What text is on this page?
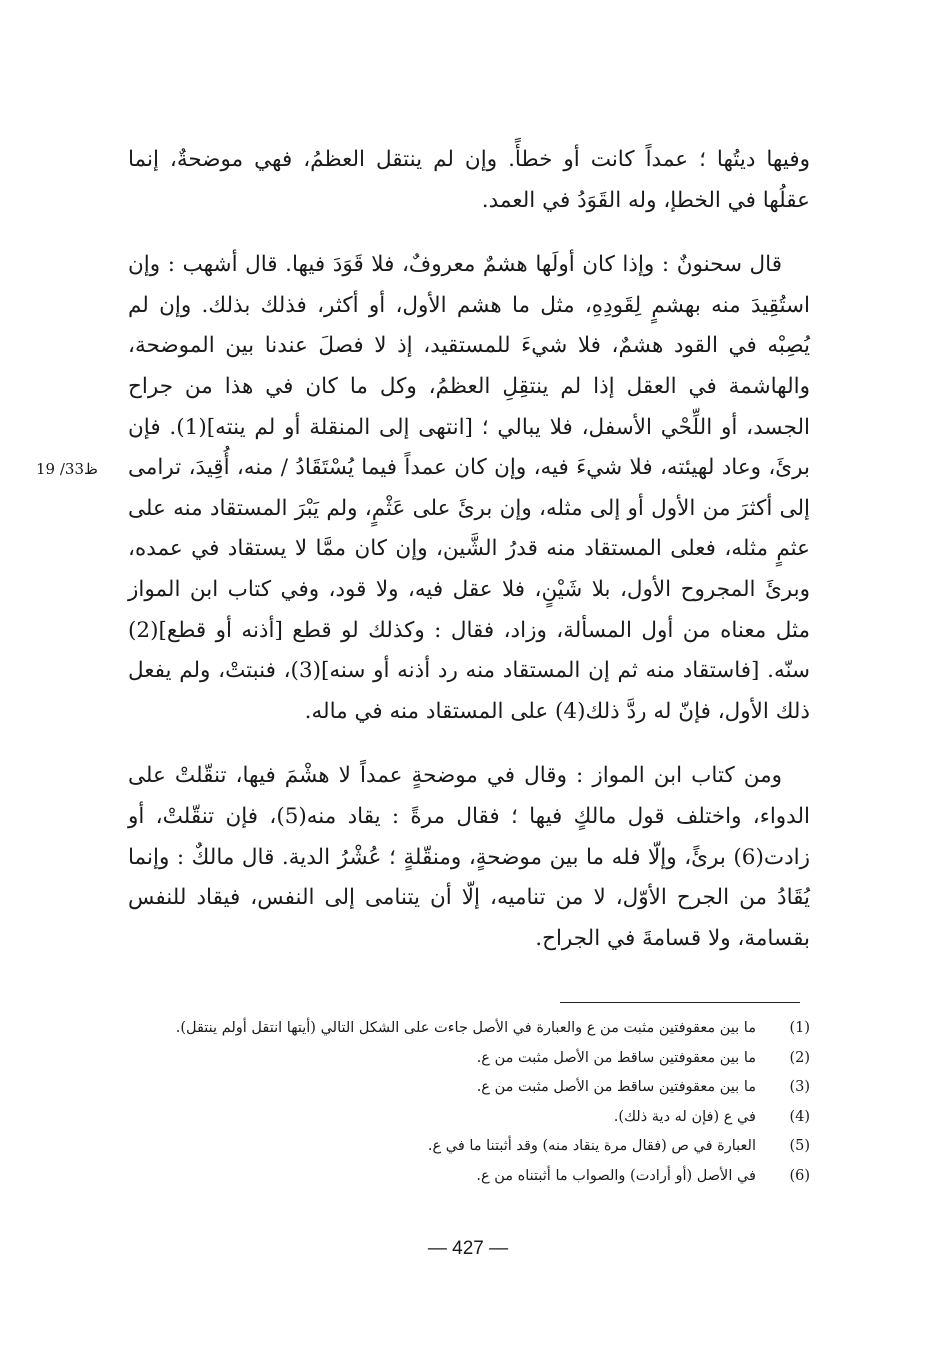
وفيها ديتُها ؛ عمداً كانت أو خطأً. وإن لم ينتقل العظمُ، فهي موضحةٌ، إنما عقلُها في الخطإ، وله القَوَدُ في العمد.

قال سحنونٌ : وإذا كان أولَها هشمٌ معروفٌ، فلا قَوَدَ فيها. قال أشهب : وإن استُقِيدَ منه بهشمٍ لِقَودِهِ، مثل ما هشم الأول، أو أكثر، فذلك بذلك. وإن لم يُصِبْه في القود هشمٌ، فلا شيءَ للمستقيد، إذ لا فصلَ عندنا بين الموضحة، والهاشمة في العقل إذا لم ينتقِلِ العظمُ، وكل ما كان في هذا من جراح الجسد، أو اللِّحْي الأسفل، فلا يبالي ؛ [انتهى إلى المنقلة أو لم ينته](1). فإن برئَ، وعاد لهيئته، فلا شيءَ فيه، وإن كان عمداً فيما يُسْتَقَادُ / منه، أُقِيدَ، ترامى إلى أكثرَ من الأول أو إلى مثله، وإن برئَ على عَثْمٍ، ولم يَبْرَ المستقاد منه على عثمٍ مثله، فعلى المستقاد منه قدرُ الشَّين، وإن كان ممَّا لا يستقاد في عمده، وبرئَ المجروح الأول، بلا شَيْنٍ، فلا عقل فيه، ولا قود، وفي كتاب ابن المواز مثل معناه من أول المسألة، وزاد، فقال : وكذلك لو قطع [أذنه أو قطع](2) سنّه. [فاستقاد منه ثم إن المستقاد منه رد أذنه أو سنه](3)، فنبتتْ، ولم يفعل ذلك الأول، فإنّ له ردَّ ذلك(4) على المستقاد منه في ماله.

ومن كتاب ابن المواز : وقال في موضحةٍ عمداً لا هشْمَ فيها، تنقّلتْ على الدواء، واختلف قول مالكٍ فيها ؛ فقال مرةً : يقاد منه(5)، فإن تنقّلتْ، أو زادت(6) برئً، وإلّا فله ما بين موضحةٍ، ومنقّلةٍ ؛ عُشْرُ الدية. قال مالكٌ : وإنما يُقَادُ من الجرح الأوّل، لا من تناميه، إلّا أن يتنامى إلى النفس، فيقاد للنفس بقسامة، ولا قسامةَ في الجراح.

19 /33ظ
(1)
ما بين معقوفتين مثبت من ع والعبارة في الأصل جاءت على الشكل التالي (أيتها انتقل أولم ينتقل).
(2)
ما بين معقوفتين ساقط من الأصل مثبت من ع.
(3)
ما بين معقوفتين ساقط من الأصل مثبت من ع.
(4)
في ع (فإن له دية ذلك).
(5)
العبارة في ص (فقال مرة ينقاد منه) وقد أثبتنا ما في ع.
(6)
في الأصل (أو أرادت) والصواب ما أثبتناه من ع.
— 427 —
